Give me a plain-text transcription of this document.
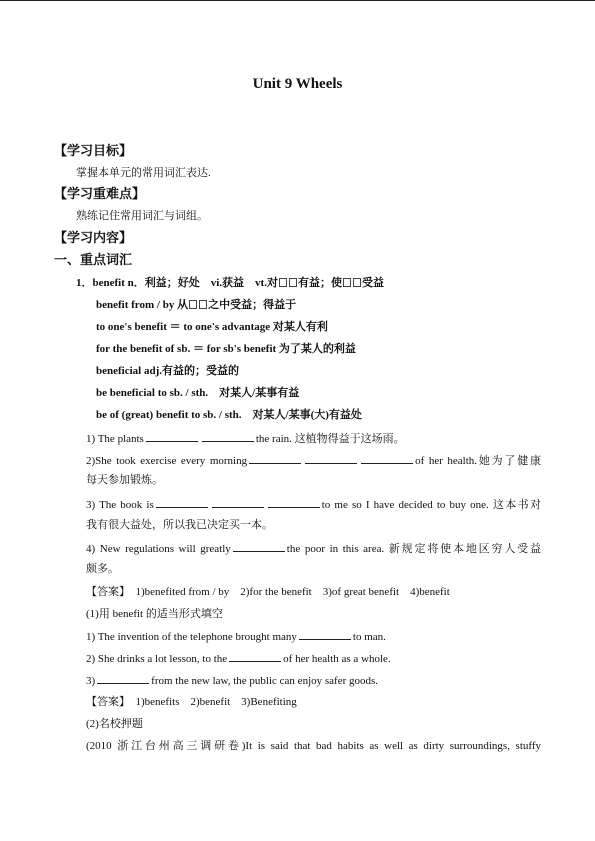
Unit 9 Wheels
【学习目标】
掌握本单元的常用词汇表达.
【学习重难点】
熟练记住常用词汇与词组。
【学习内容】
一、重点词汇
1．benefit n．利益；好处　vi.获益　vt.对 有益；使 受益
benefit from / by 从 之中受益；得益于
to one's benefit ＝ to one's advantage 对某人有利
for the benefit of sb. ＝ for sb's benefit 为了某人的利益
beneficial adj.有益的；受益的
be beneficial to sb. / sth.　对某人/某事有益
be of (great) benefit to sb. / sth.　对某人/某事(大)有益处
1) The plants	the rain. 这植物得益于这场雨。
2)She took exercise every morning	of her health.她为了健康
每天参加锻炼。
3) The book is	to me so I have decided to buy one. 这本书对
我有很大益处，所以我已决定买一本。
4) New regulations will greatly	the poor in this area. 新规定将使本地区穷人受益
颇多。
【答案】　1)benefited from / by　2)for the benefit　3)of great benefit　4)benefit
(1)用 benefit 的适当形式填空
1) The invention of the telephone brought many	to man.
2) She drinks a lot lesson, to the	of her health as a whole.
3)	from the new law, the public can enjoy safer goods.
【答案】　1)benefits　2)benefit　3)Benefiting
(2)名校押题
(2010 浙江台州高三调研卷)It is said that bad habits as well as dirty surroundings, stuffy
